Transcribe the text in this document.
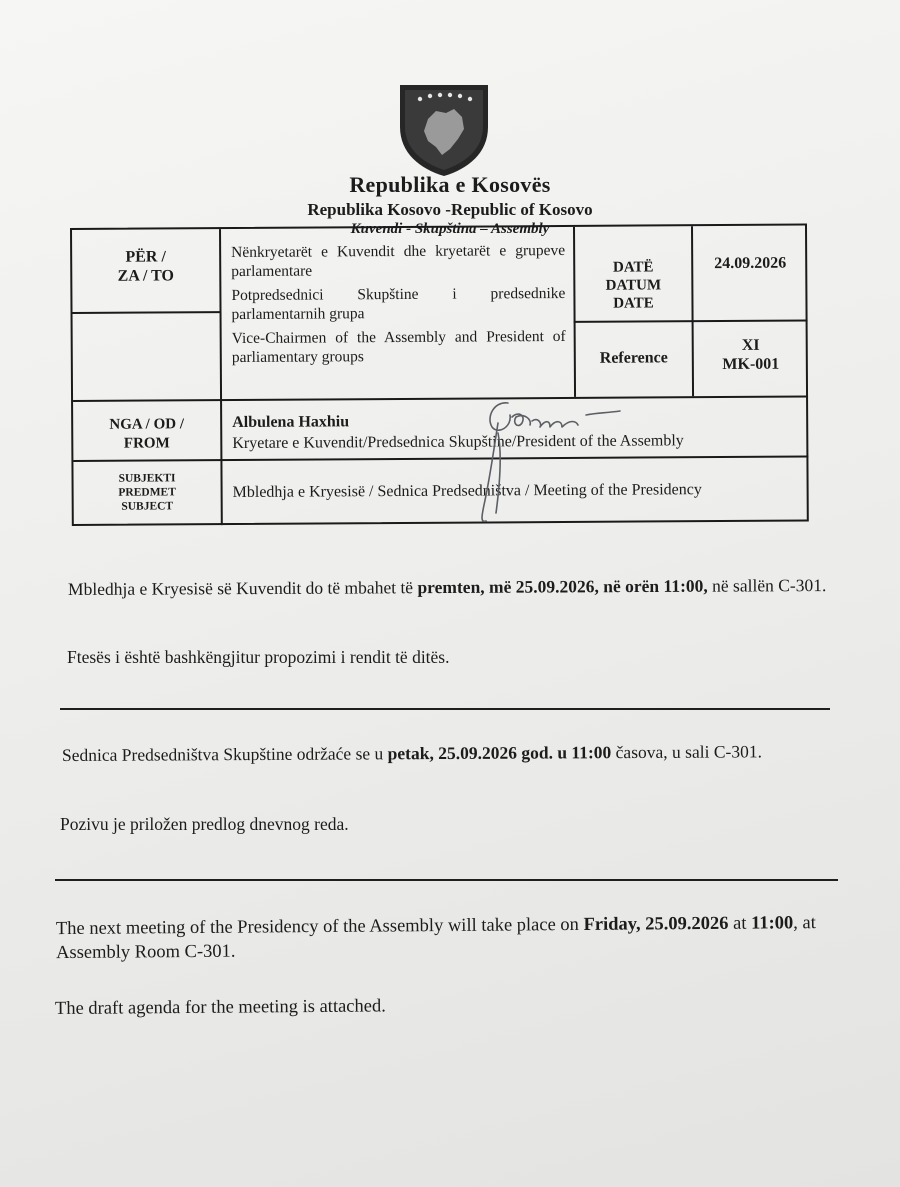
Republika e Kosovës
Republika Kosovo -Republic of Kosovo
Kuvendi - Skupština – Assembly
PËR /
ZA / TO

Nënkryetarët e Kuvendit dhe kryetarët e grupeve parlamentare

Potpredsednici Skupštine i predsednike parlamentarnih grupa

Vice-Chairmen of the Assembly and President of parliamentary groups

DATË
DATUM
DATE
24.09.2026
Reference
XI
MK-001
NGA / OD /
FROM
Albulena Haxhiu
Kryetare e Kuvendit/Predsednica Skupštine/President of the Assembly
SUBJEKTI
PREDMET
SUBJECT
Mbledhja e Kryesisë / Sednica Predsedništva / Meeting of the Presidency
Mbledhja e Kryesisë së Kuvendit do të mbahet të premten, më 25.09.2026, në orën 11:00, në sallën C-301.
Ftesës i është bashkëngjitur propozimi i rendit të ditës.
Sednica Predsedništva Skupštine održaće se u petak, 25.09.2026 god. u 11:00 časova, u sali C-301.
Pozivu je priložen predlog dnevnog reda.
The next meeting of the Presidency of the Assembly will take place on Friday, 25.09.2026 at 11:00, at Assembly Room C-301.
The draft agenda for the meeting is attached.
